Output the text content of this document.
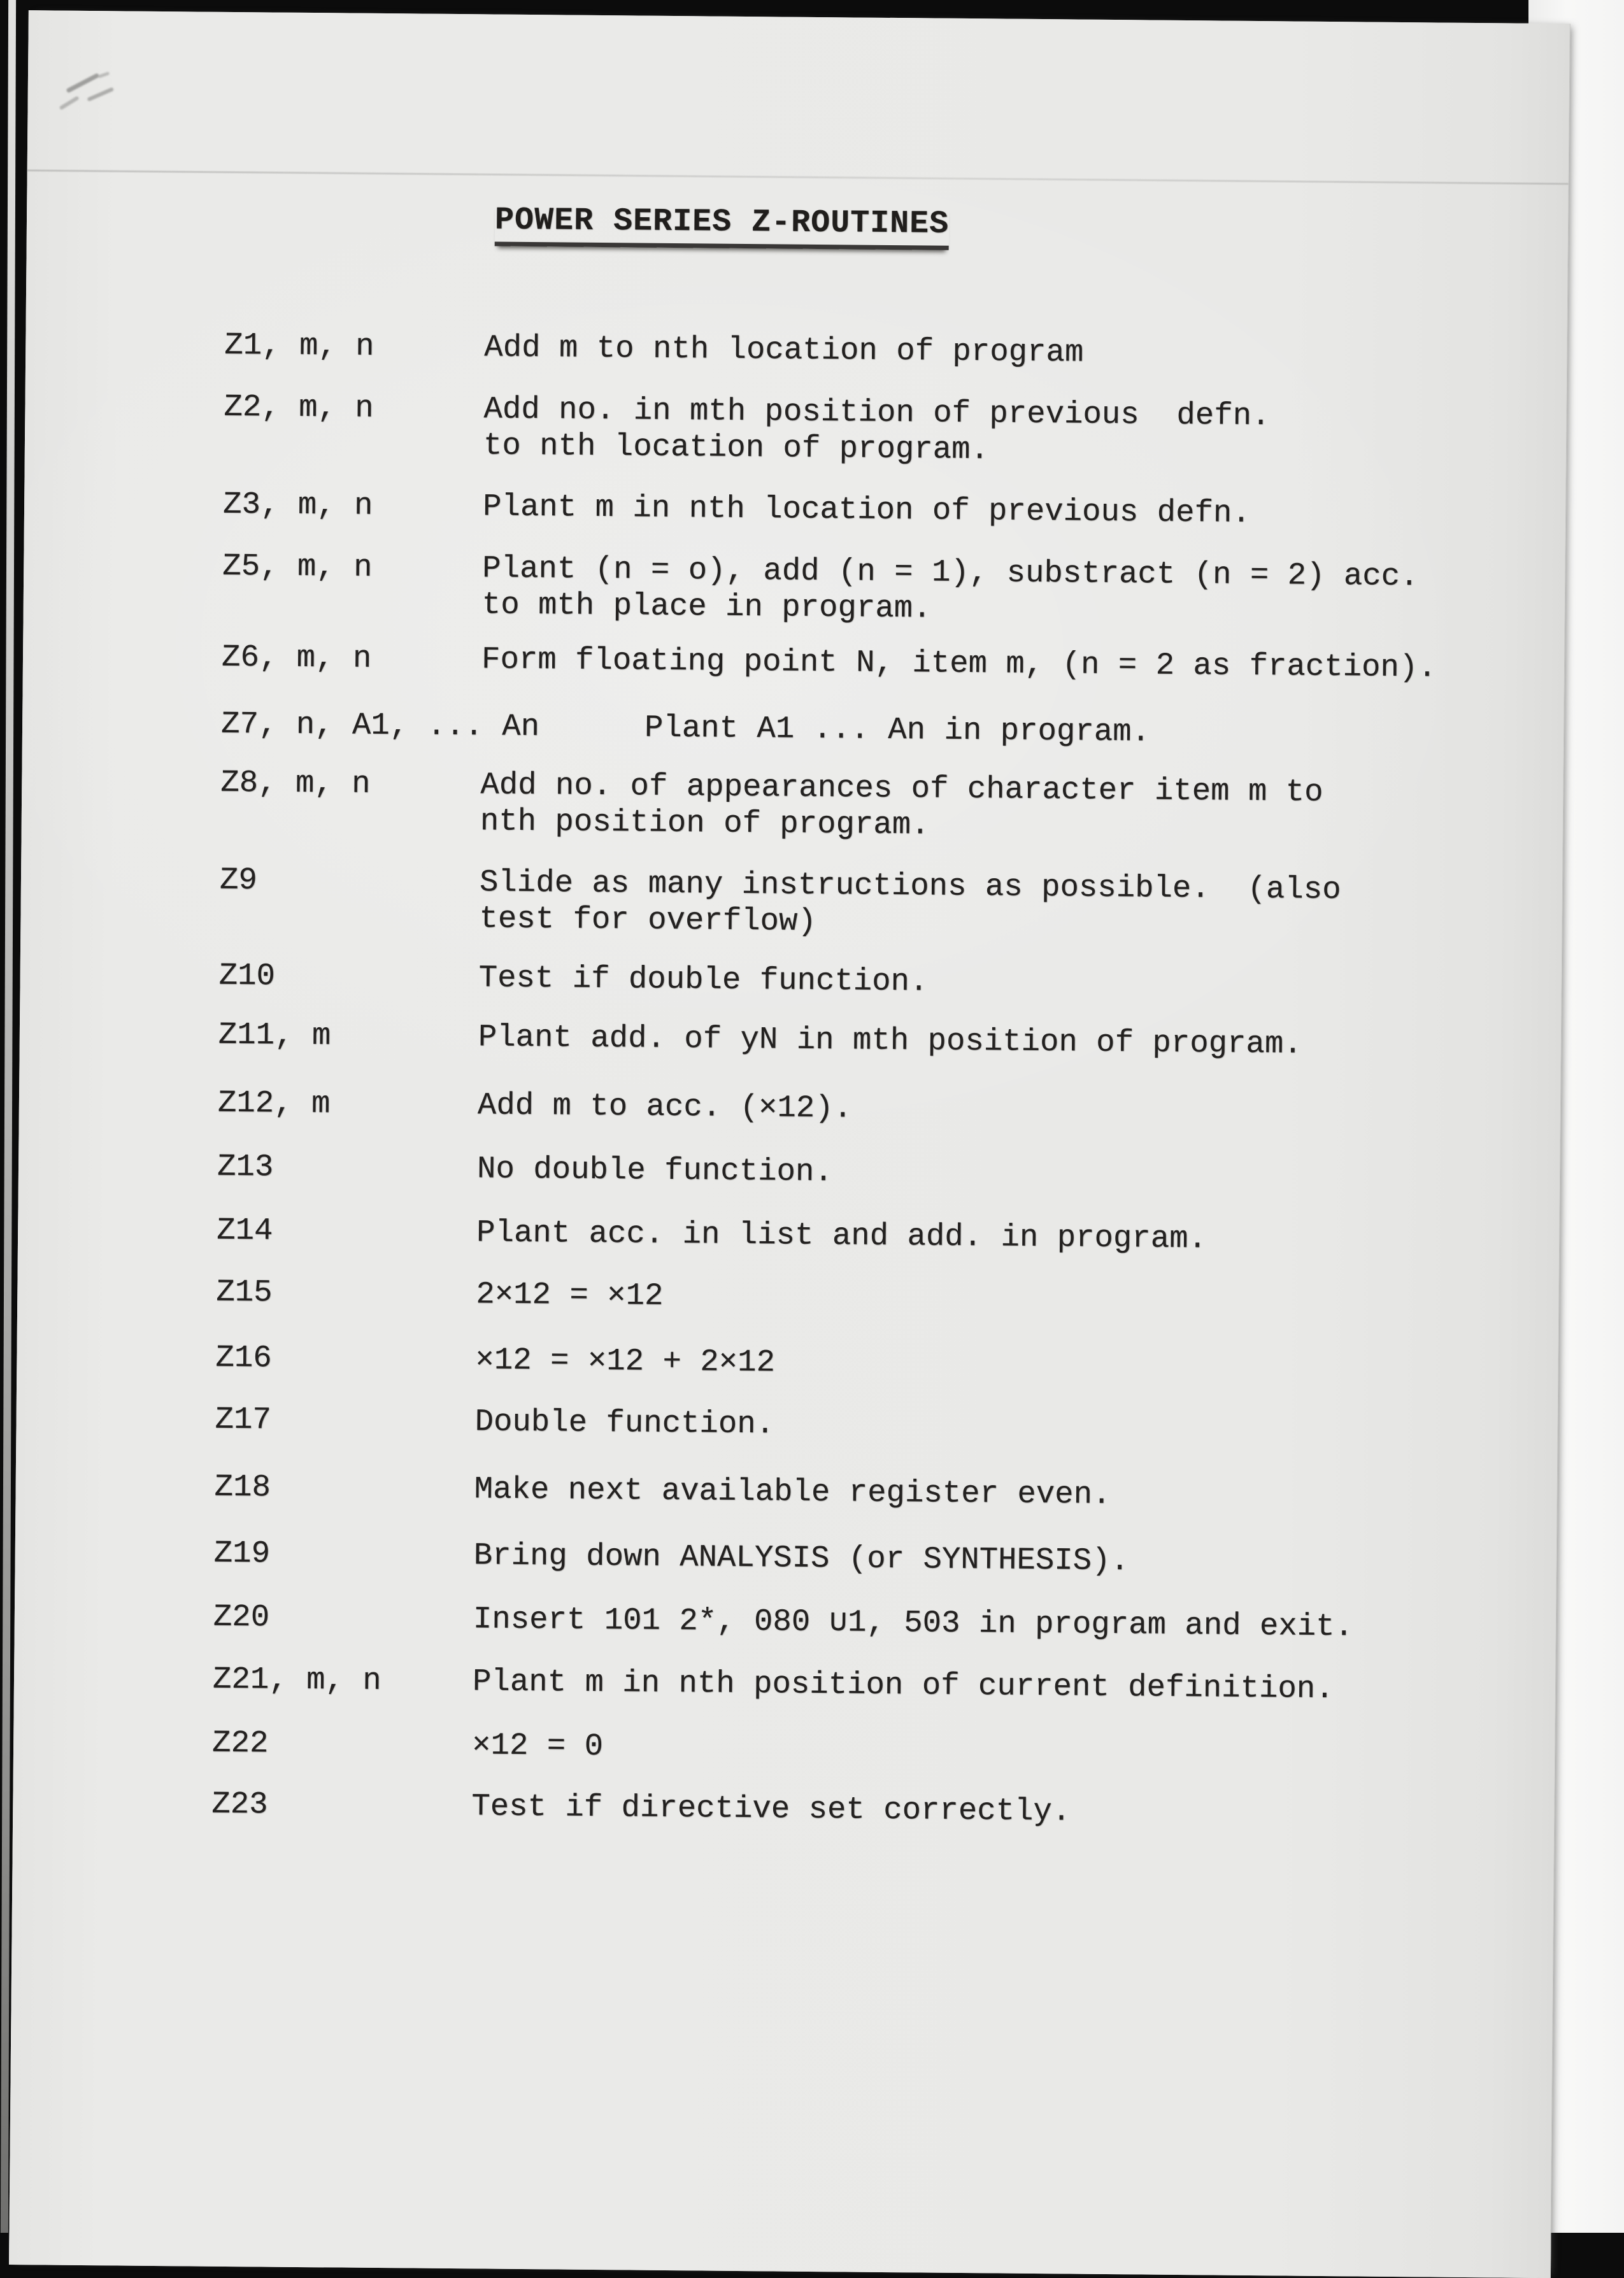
POWER SERIES Z-ROUTINES
Z1, m, n	Add m to nth location of program
Z2, m, n	Add no. in mth position of previous  defn.
to nth location of program.
Z3, m, n	Plant m in nth location of previous defn.
Z5, m, n	Plant (n = o), add (n = 1), substract (n = 2) acc.
to mth place in program.
Z6, m, n	Form floating point N, item m, (n = 2 as fraction).
Z7, n, A1, ... An	Plant A1 ... An in program.
Z8, m, n	Add no. of appearances of character item m to
nth position of program.
Z9	Slide as many instructions as possible.  (also
test for overflow)
Z10	Test if double function.
Z11, m	Plant add. of yN in mth position of program.
Z12, m	Add m to acc. (×12).
Z13	No double function.
Z14	Plant acc. in list and add. in program.
Z15	2×12 = ×12
Z16	×12 = ×12 + 2×12
Z17	Double function.
Z18	Make next available register even.
Z19	Bring down ANALYSIS (or SYNTHESIS).
Z20	Insert 101 2*, 080 ∪1, 503 in program and exit.
Z21, m, n	Plant m in nth position of current definition.
Z22	×12 = 0
Z23	Test if directive set correctly.
